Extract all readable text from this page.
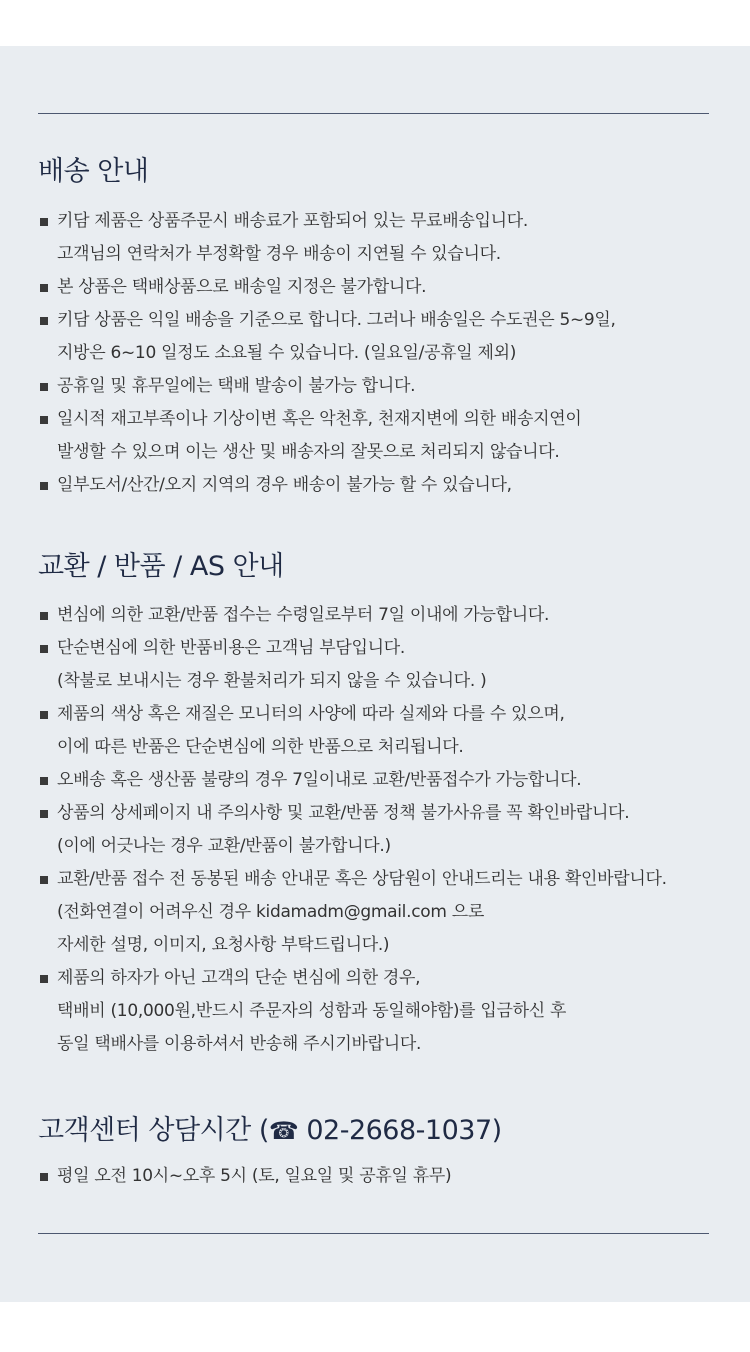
배송 안내
키담 제품은 상품주문시 배송료가 포함되어 있는 무료배송입니다.
고객님의 연락처가 부정확할 경우 배송이 지연될 수 있습니다.
본 상품은 택배상품으로 배송일 지정은 불가합니다.
키담 상품은 익일 배송을 기준으로 합니다. 그러나 배송일은 수도권은 5~9일,
지방은 6~10 일정도 소요될 수 있습니다. (일요일/공휴일 제외)
공휴일 및 휴무일에는 택배 발송이 불가능 합니다.
일시적 재고부족이나 기상이변 혹은 악천후, 천재지변에 의한 배송지연이
발생할 수 있으며 이는 생산 및 배송자의 잘못으로 처리되지 않습니다.
일부도서/산간/오지 지역의 경우 배송이 불가능 할 수 있습니다,
교환 / 반품 / AS 안내
변심에 의한 교환/반품 접수는 수령일로부터 7일 이내에 가능합니다.
단순변심에 의한 반품비용은 고객님 부담입니다.
(착불로 보내시는 경우 환불처리가 되지 않을 수 있습니다. )
제품의 색상 혹은 재질은 모니터의 사양에 따라 실제와 다를 수 있으며,
이에 따른 반품은 단순변심에 의한 반품으로 처리됩니다.
오배송 혹은 생산품 불량의 경우 7일이내로 교환/반품접수가 가능합니다.
상품의 상세페이지 내 주의사항 및 교환/반품 정책 불가사유를 꼭 확인바랍니다.
(이에 어긋나는 경우 교환/반품이 불가합니다.)
교환/반품 접수 전 동봉된 배송 안내문 혹은 상담원이 안내드리는 내용 확인바랍니다.
(전화연결이 어려우신 경우 kidamadm@gmail.com 으로
자세한 설명, 이미지, 요청사항 부탁드립니다.)
제품의 하자가 아닌 고객의 단순 변심에 의한 경우,
택배비 (10,000원,반드시 주문자의 성함과 동일해야함)를 입금하신 후
동일 택배사를 이용하셔서 반송해 주시기바랍니다.
고객센터 상담시간 (☎ 02-2668-1037)
평일 오전 10시~오후 5시 (토, 일요일 및 공휴일 휴무)
